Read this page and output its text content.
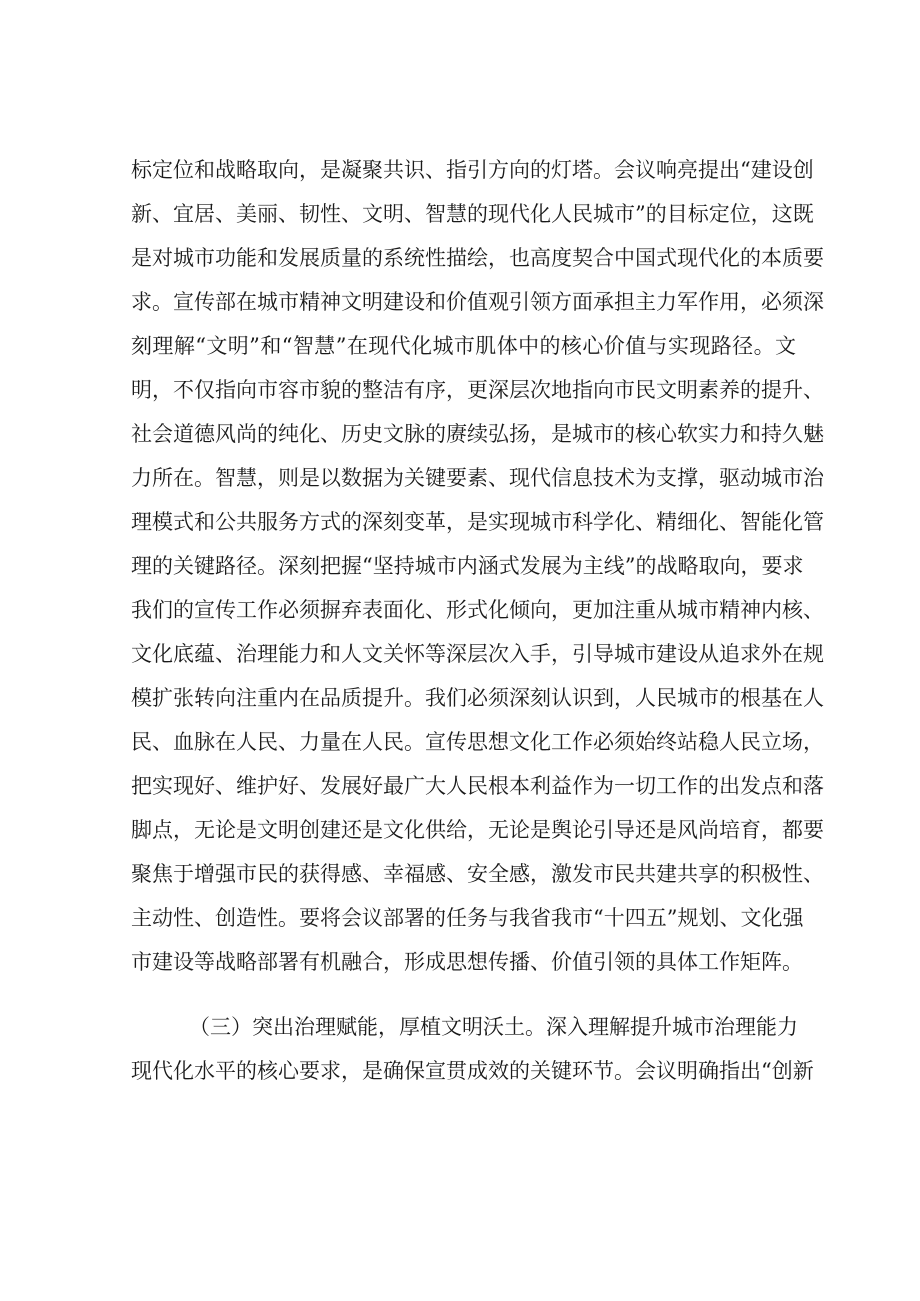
标定位和战略取向，是凝聚共识、指引方向的灯塔。会议响亮提出“建设创

新、宜居、美丽、韧性、文明、智慧的现代化人民城市”的目标定位，这既

是对城市功能和发展质量的系统性描绘，也高度契合中国式现代化的本质要

求。宣传部在城市精神文明建设和价值观引领方面承担主力军作用，必须深

刻理解“文明”和“智慧”在现代化城市肌体中的核心价值与实现路径。文

明，不仅指向市容市貌的整洁有序，更深层次地指向市民文明素养的提升、

社会道德风尚的纯化、历史文脉的赓续弘扬，是城市的核心软实力和持久魅

力所在。智慧，则是以数据为关键要素、现代信息技术为支撑，驱动城市治

理模式和公共服务方式的深刻变革，是实现城市科学化、精细化、智能化管

理的关键路径。深刻把握“坚持城市内涵式发展为主线”的战略取向，要求

我们的宣传工作必须摒弃表面化、形式化倾向，更加注重从城市精神内核、

文化底蕴、治理能力和人文关怀等深层次入手，引导城市建设从追求外在规

模扩张转向注重内在品质提升。我们必须深刻认识到，人民城市的根基在人

民、血脉在人民、力量在人民。宣传思想文化工作必须始终站稳人民立场，

把实现好、维护好、发展好最广大人民根本利益作为一切工作的出发点和落

脚点，无论是文明创建还是文化供给，无论是舆论引导还是风尚培育，都要

聚焦于增强市民的获得感、幸福感、安全感，激发市民共建共享的积极性、

主动性、创造性。要将会议部署的任务与我省我市“十四五”规划、文化强

市建设等战略部署有机融合，形成思想传播、价值引领的具体工作矩阵。

（三）突出治理赋能，厚植文明沃土。深入理解提升城市治理能力

现代化水平的核心要求，是确保宣贯成效的关键环节。会议明确指出“创新
